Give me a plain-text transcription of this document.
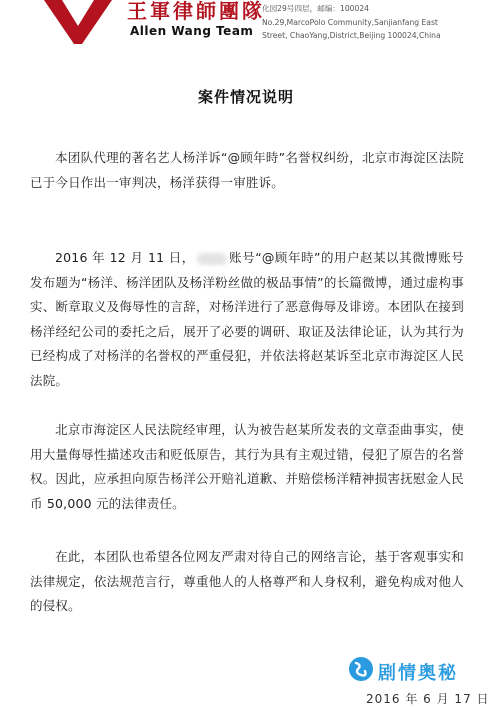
王軍律師團隊
Allen Wang Team
化园29号四层，邮编：100024
No.29,MarcoPolo Community,Sanjianfang East
Street, ChaoYang,District,Beijing 100024,China
案件情况说明
本团队代理的著名艺人杨洋诉“@顾年時”名誉权纠纷，北京市海淀区法院已于今日作出一审判决，杨洋获得一审胜诉。
2016 年 12 月 11 日，	账号“@顾年時”的用户赵某以其微博账号发布题为“杨洋、杨洋团队及杨洋粉丝做的极品事情”的长篇微博，通过虚构事实、断章取义及侮辱性的言辞，对杨洋进行了恶意侮辱及诽谤。本团队在接到杨洋经纪公司的委托之后，展开了必要的调研、取证及法律论证，认为其行为已经构成了对杨洋的名誉权的严重侵犯，并依法将赵某诉至北京市海淀区人民法院。
北京市海淀区人民法院经审理，认为被告赵某所发表的文章歪曲事实，使用大量侮辱性描述攻击和贬低原告，其行为具有主观过错，侵犯了原告的名誉权。因此，应承担向原告杨洋公开赔礼道歉、并赔偿杨洋精神损害抚慰金人民币 50,000 元的法律责任。
在此，本团队也希望各位网友严肃对待自己的网络言论，基于客观事实和法律规定，依法规范言行，尊重他人的人格尊严和人身权利，避免构成对他人的侵权。
剧情奥秘
2016 年 6 月 17 日
